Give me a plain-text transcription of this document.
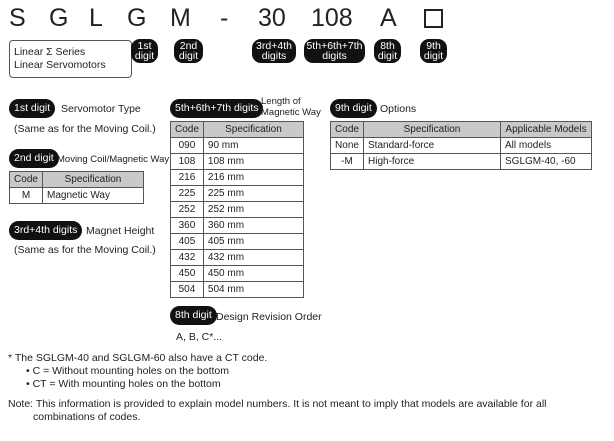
S G L G M - 30 108 A
Linear Σ Series
Linear Servomotors
1st
digit
2nd
digit
3rd+4th
digits
5th+6th+7th
digits
8th
digit
9th
digit
1st digit	Servomotor Type
(Same as for the Moving Coil.)
2nd digit Moving Coil/Magnetic Way
Code	Specification
M	Magnetic Way
3rd+4th digits Magnet Height
(Same as for the Moving Coil.)
5th+6th+7th digits
Length of
Magnetic Way
Code	Specification
090	90 mm
108	108 mm
216	216 mm
225	225 mm
252	252 mm
360	360 mm
405	405 mm
432	432 mm
450	450 mm
504	504 mm
8th digit Design Revision Order
A, B, C*...
9th digit Options
Code	Specification	Applicable Models
None	Standard-force	All models
-M	High-force	SGLGM-40, -60
* The SGLGM-40 and SGLGM-60 also have a CT code.
• C = Without mounting holes on the bottom
• CT = With mounting holes on the bottom
Note: This information is provided to explain model numbers. It is not meant to imply that models are available for all
combinations of codes.
